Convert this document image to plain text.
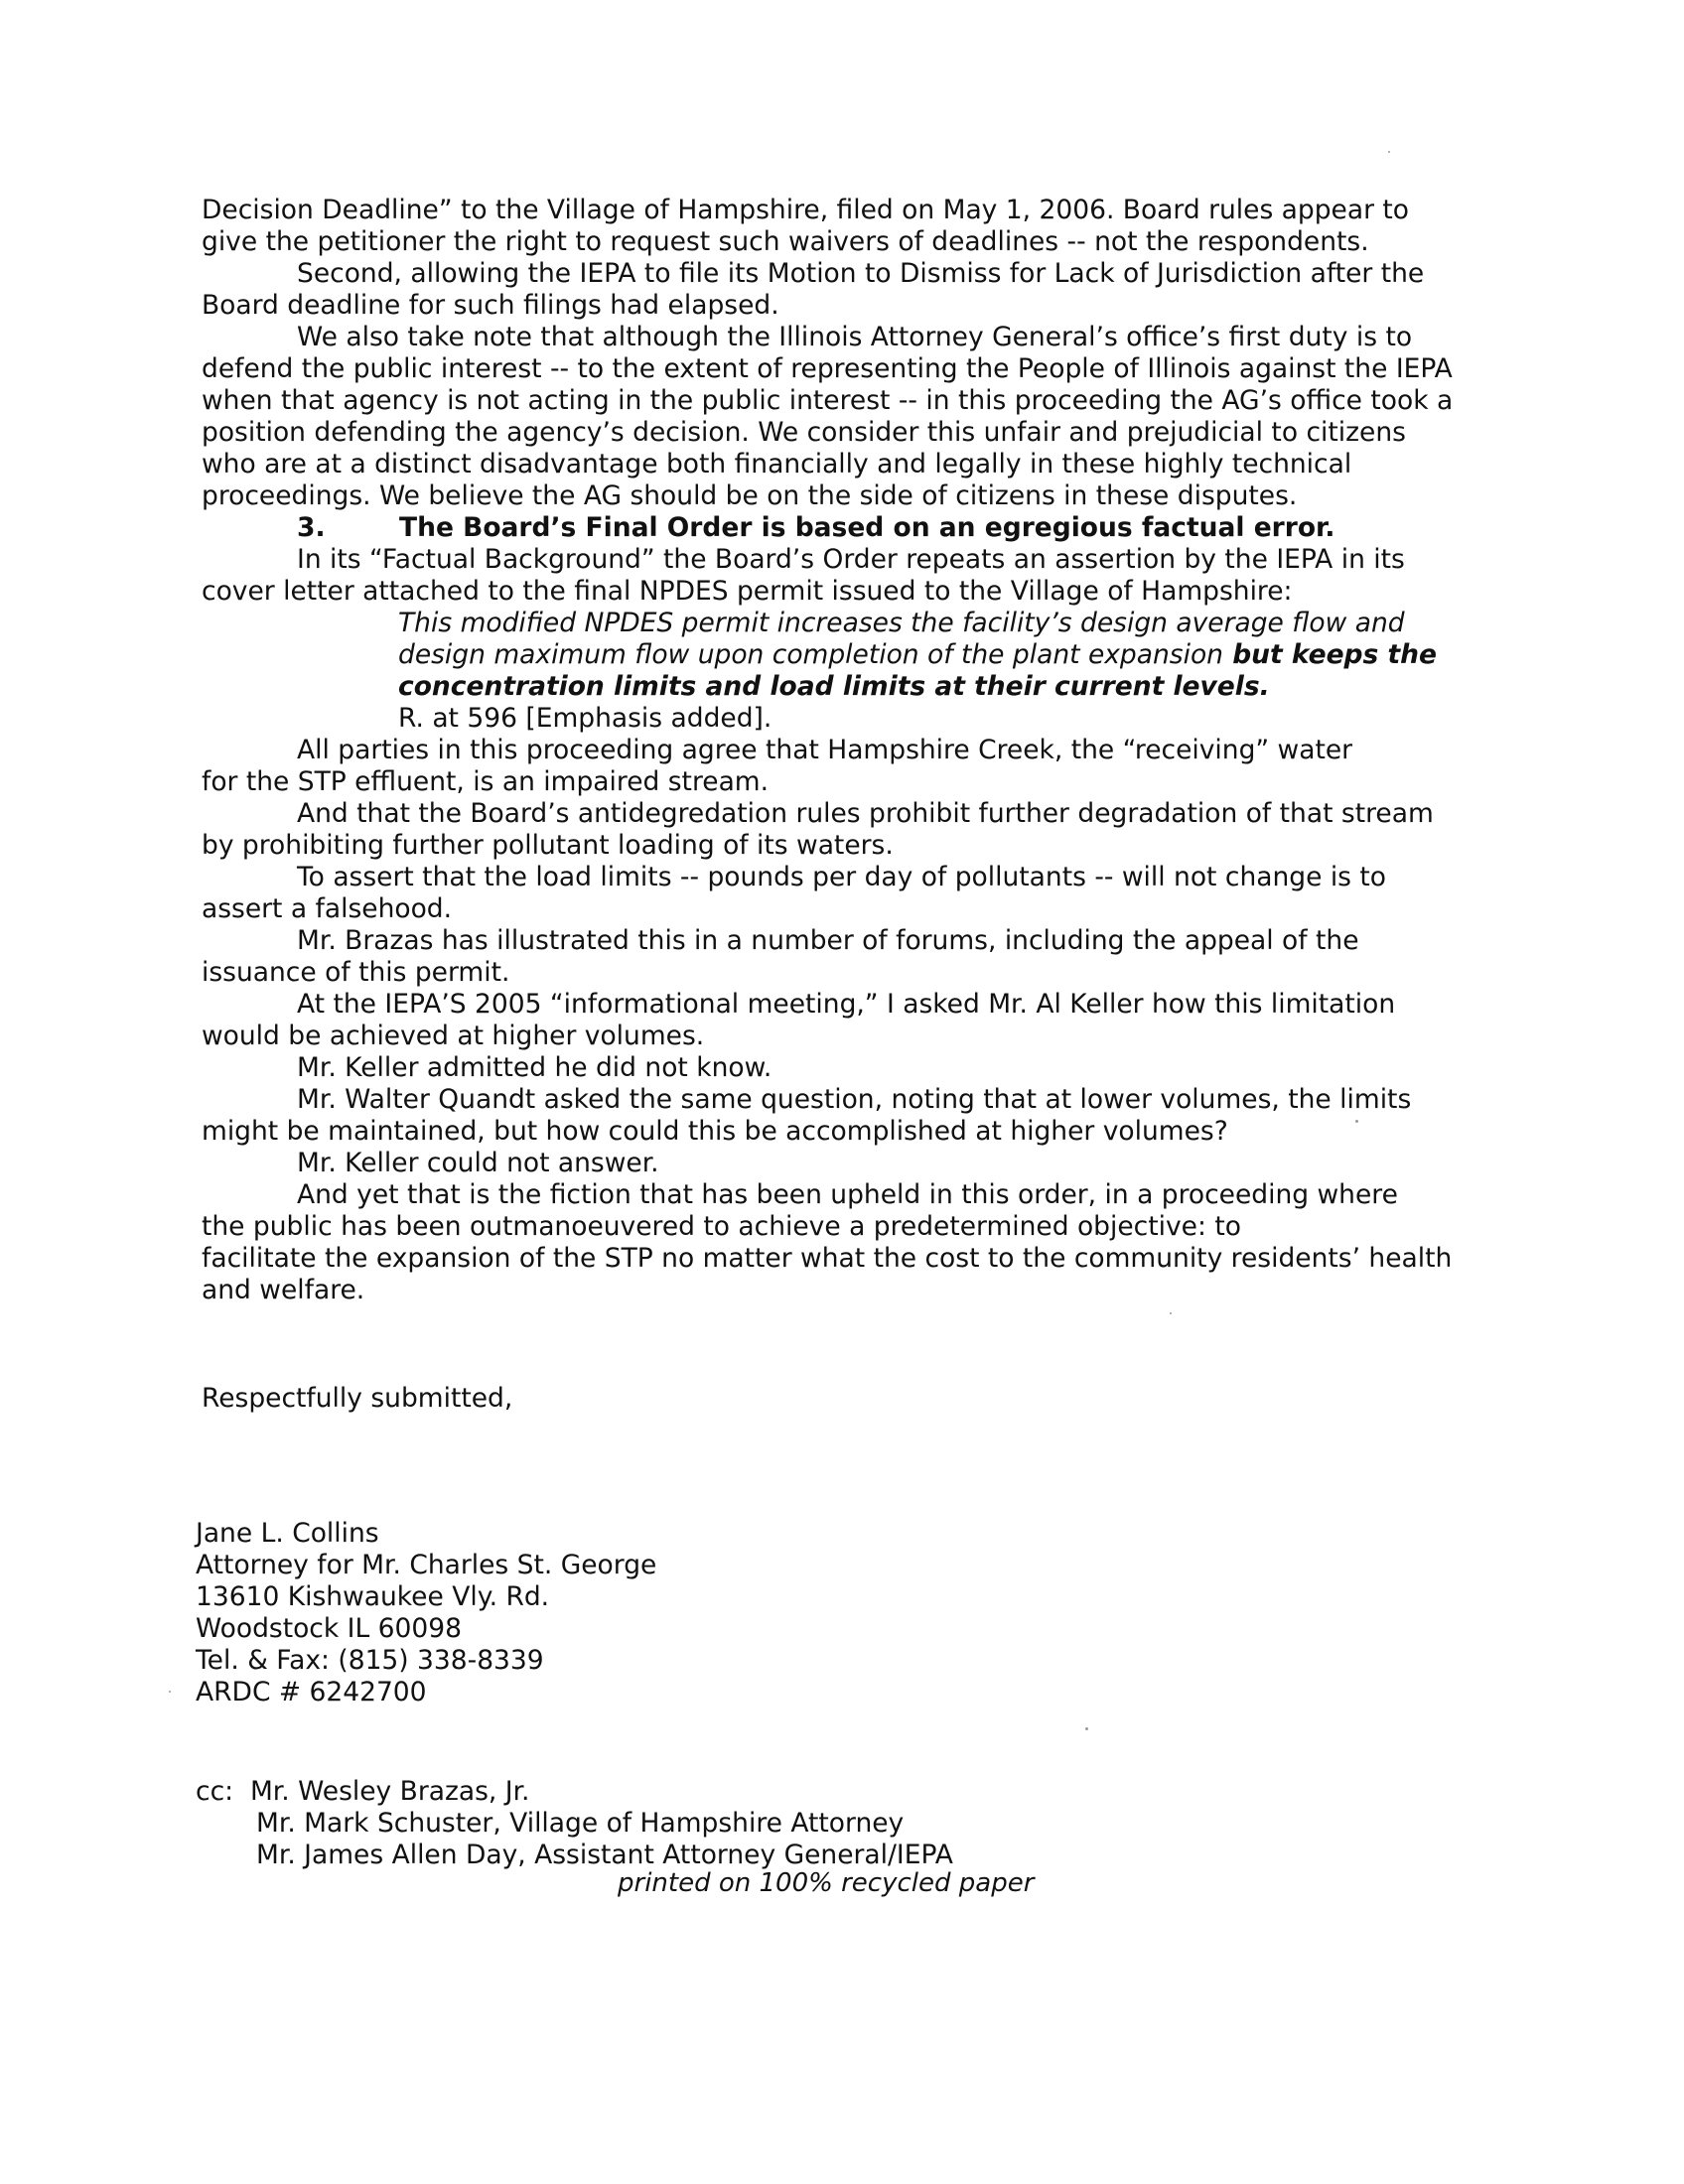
Decision Deadline” to the Village of Hampshire, filed on May 1, 2006. Board rules appear to
give the petitioner the right to request such waivers of deadlines -- not the respondents.
Second, allowing the IEPA to file its Motion to Dismiss for Lack of Jurisdiction after the
Board deadline for such filings had elapsed.
We also take note that although the Illinois Attorney General’s office’s first duty is to
defend the public interest -- to the extent of representing the People of Illinois against the IEPA
when that agency is not acting in the public interest -- in this proceeding the AG’s office took a
position defending the agency’s decision. We consider this unfair and prejudicial to citizens
who are at a distinct disadvantage both financially and legally in these highly technical
proceedings. We believe the AG should be on the side of citizens in these disputes.
3.	The Board’s Final Order is based on an egregious factual error.
In its “Factual Background” the Board’s Order repeats an assertion by the IEPA in its
cover letter attached to the final NPDES permit issued to the Village of Hampshire:
This modified NPDES permit increases the facility’s design average flow and
design maximum flow upon completion of the plant expansion but keeps the
concentration limits and load limits at their current levels.
R. at 596 [Emphasis added].
All parties in this proceeding agree that Hampshire Creek, the “receiving” water
for the STP effluent, is an impaired stream.
And that the Board’s antidegredation rules prohibit further degradation of that stream
by prohibiting further pollutant loading of its waters.
To assert that the load limits -- pounds per day of pollutants -- will not change is to
assert a falsehood.
Mr. Brazas has illustrated this in a number of forums, including the appeal of the
issuance of this permit.
At the IEPA’S 2005 “informational meeting,” I asked Mr. Al Keller how this limitation
would be achieved at higher volumes.
Mr. Keller admitted he did not know.
Mr. Walter Quandt asked the same question, noting that at lower volumes, the limits
might be maintained, but how could this be accomplished at higher volumes?
Mr. Keller could not answer.
And yet that is the fiction that has been upheld in this order, in a proceeding where
the public has been outmanoeuvered to achieve a predetermined objective: to
facilitate the expansion of the STP no matter what the cost to the community residents’ health
and welfare.
Respectfully submitted,
Jane L. Collins
Attorney for Mr. Charles St. George
13610 Kishwaukee Vly. Rd.
Woodstock IL 60098
Tel. & Fax: (815) 338-8339
ARDC # 6242700
cc: Mr. Wesley Brazas, Jr.
Mr. Mark Schuster, Village of Hampshire Attorney
Mr. James Allen Day, Assistant Attorney General/IEPA
printed on 100% recycled paper
